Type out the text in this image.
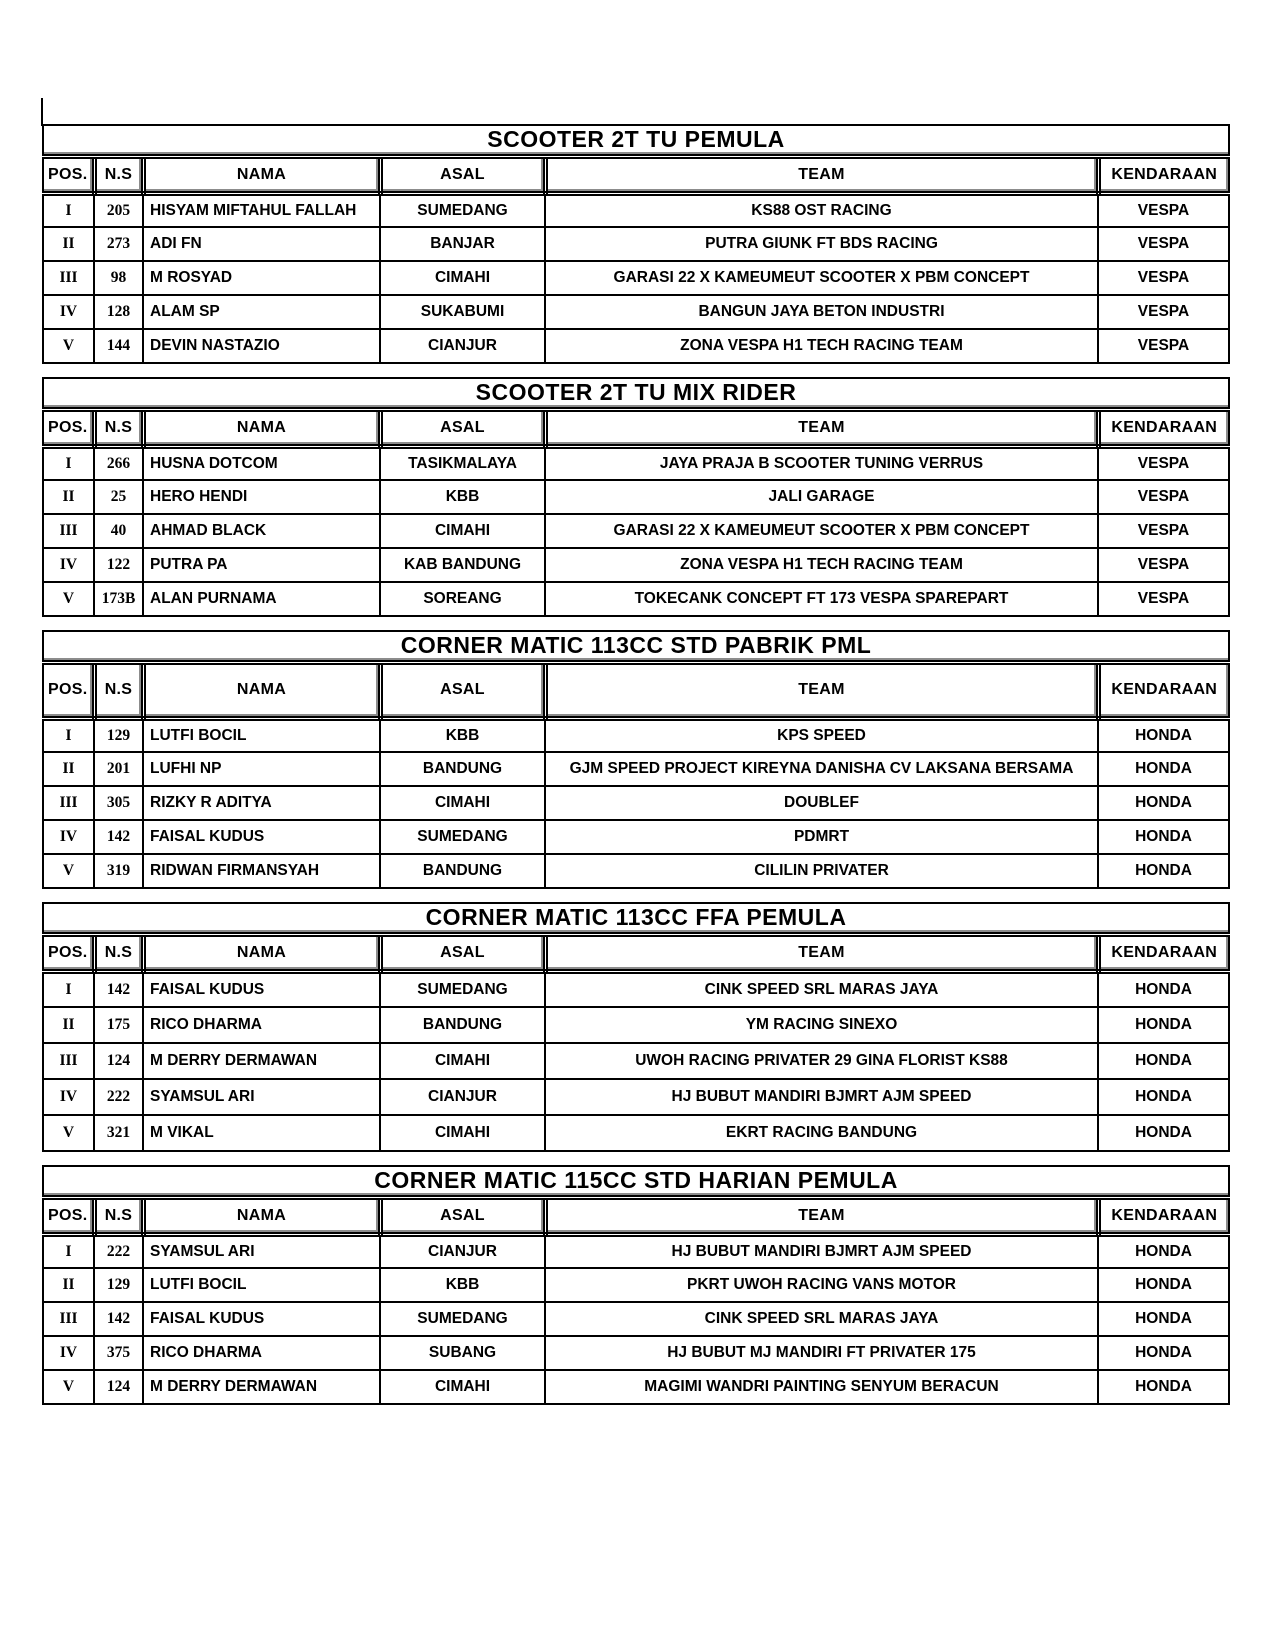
SCOOTER 2T TU PEMULA					
POS.	N.S	NAMA	ASAL	TEAM	KENDARAAN
I	205	HISYAM MIFTAHUL FALLAH	SUMEDANG	KS88 OST RACING	VESPA
II	273	ADI FN	BANJAR	PUTRA GIUNK FT BDS RACING	VESPA
III	98	M ROSYAD	CIMAHI	GARASI 22 X KAMEUMEUT SCOOTER X PBM CONCEPT	VESPA
IV	128	ALAM SP	SUKABUMI	BANGUN JAYA BETON INDUSTRI	VESPA
V	144	DEVIN NASTAZIO	CIANJUR	ZONA VESPA H1 TECH RACING TEAM	VESPA
SCOOTER 2T TU MIX RIDER					
POS.	N.S	NAMA	ASAL	TEAM	KENDARAAN
I	266	HUSNA DOTCOM	TASIKMALAYA	JAYA PRAJA B SCOOTER TUNING VERRUS	VESPA
II	25	HERO HENDI	KBB	JALI GARAGE	VESPA
III	40	AHMAD BLACK	CIMAHI	GARASI 22 X KAMEUMEUT SCOOTER X PBM CONCEPT	VESPA
IV	122	PUTRA PA	KAB BANDUNG	ZONA VESPA H1 TECH RACING TEAM	VESPA
V	173B	ALAN PURNAMA	SOREANG	TOKECANK CONCEPT FT 173 VESPA SPAREPART	VESPA
CORNER MATIC 113CC STD PABRIK PML					
POS.	N.S	NAMA	ASAL	TEAM	KENDARAAN
I	129	LUTFI BOCIL	KBB	KPS SPEED	HONDA
II	201	LUFHI NP	BANDUNG	GJM SPEED PROJECT KIREYNA DANISHA CV LAKSANA BERSAMA	HONDA
III	305	RIZKY R ADITYA	CIMAHI	DOUBLEF	HONDA
IV	142	FAISAL KUDUS	SUMEDANG	PDMRT	HONDA
V	319	RIDWAN FIRMANSYAH	BANDUNG	CILILIN PRIVATER	HONDA
CORNER MATIC 113CC FFA PEMULA					
POS.	N.S	NAMA	ASAL	TEAM	KENDARAAN
I	142	FAISAL KUDUS	SUMEDANG	CINK SPEED SRL MARAS JAYA	HONDA
II	175	RICO DHARMA	BANDUNG	YM RACING SINEXO	HONDA
III	124	M DERRY DERMAWAN	CIMAHI	UWOH RACING PRIVATER 29 GINA FLORIST KS88	HONDA
IV	222	SYAMSUL ARI	CIANJUR	HJ BUBUT MANDIRI BJMRT AJM SPEED	HONDA
V	321	M VIKAL	CIMAHI	EKRT RACING BANDUNG	HONDA
CORNER MATIC 115CC STD HARIAN PEMULA					
POS.	N.S	NAMA	ASAL	TEAM	KENDARAAN
I	222	SYAMSUL ARI	CIANJUR	HJ BUBUT MANDIRI BJMRT AJM SPEED	HONDA
II	129	LUTFI BOCIL	KBB	PKRT UWOH RACING VANS MOTOR	HONDA
III	142	FAISAL KUDUS	SUMEDANG	CINK SPEED SRL MARAS JAYA	HONDA
IV	375	RICO DHARMA	SUBANG	HJ BUBUT MJ MANDIRI FT PRIVATER 175	HONDA
V	124	M DERRY DERMAWAN	CIMAHI	MAGIMI WANDRI PAINTING SENYUM BERACUN	HONDA
